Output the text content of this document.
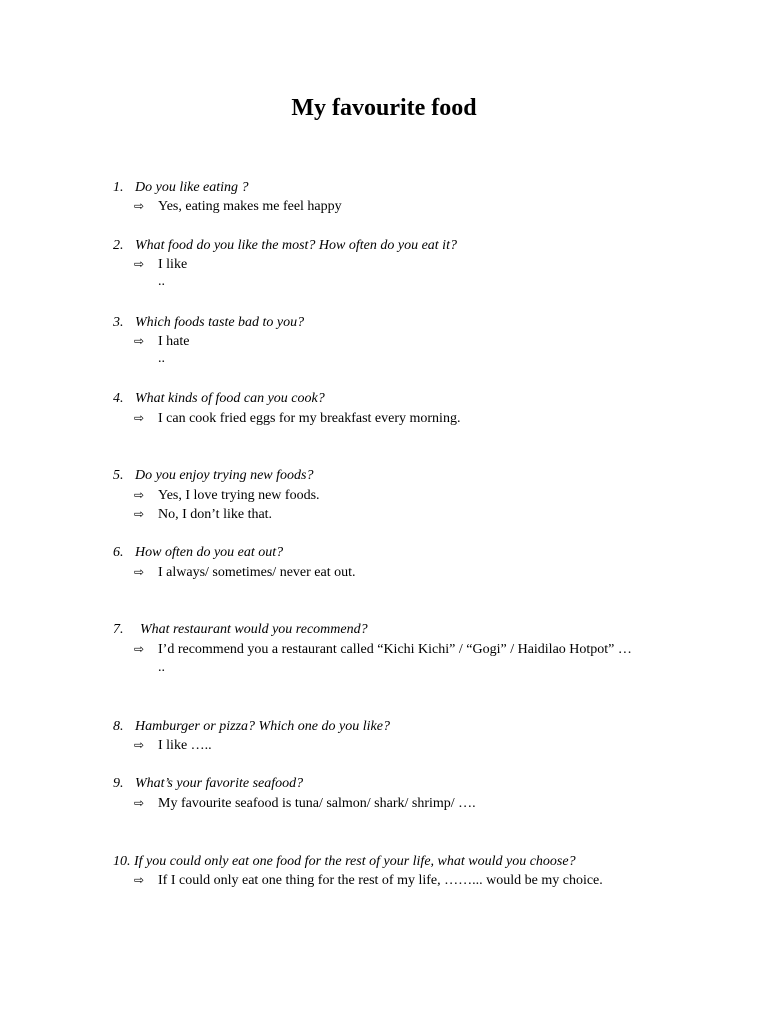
My favourite food
1. Do you like eating ?
⇨ Yes, eating makes me feel happy
2. What food do you like the most? How often do you eat it?
⇨ I like
..
3. Which foods taste bad to you?
⇨ I hate
..
4. What kinds of food can you cook?
⇨ I can cook fried eggs for my breakfast every morning.
5. Do you enjoy trying new foods?
⇨ Yes, I love trying new foods.
⇨ No, I don’t like that.
6. How often do you eat out?
⇨ I always/ sometimes/ never eat out.
7. What restaurant would you recommend?
⇨ I’d recommend you a restaurant called “Kichi Kichi” / “Gogi” / Haidilao Hotpot” …
..
8. Hamburger or pizza? Which one do you like?
⇨ I like …..
9. What’s your favorite seafood?
⇨ My favourite seafood is tuna/ salmon/ shark/ shrimp/ ….
10. If you could only eat one food for the rest of your life, what would you choose?
⇨ If I could only eat one thing for the rest of my life, ……... would be my choice.
